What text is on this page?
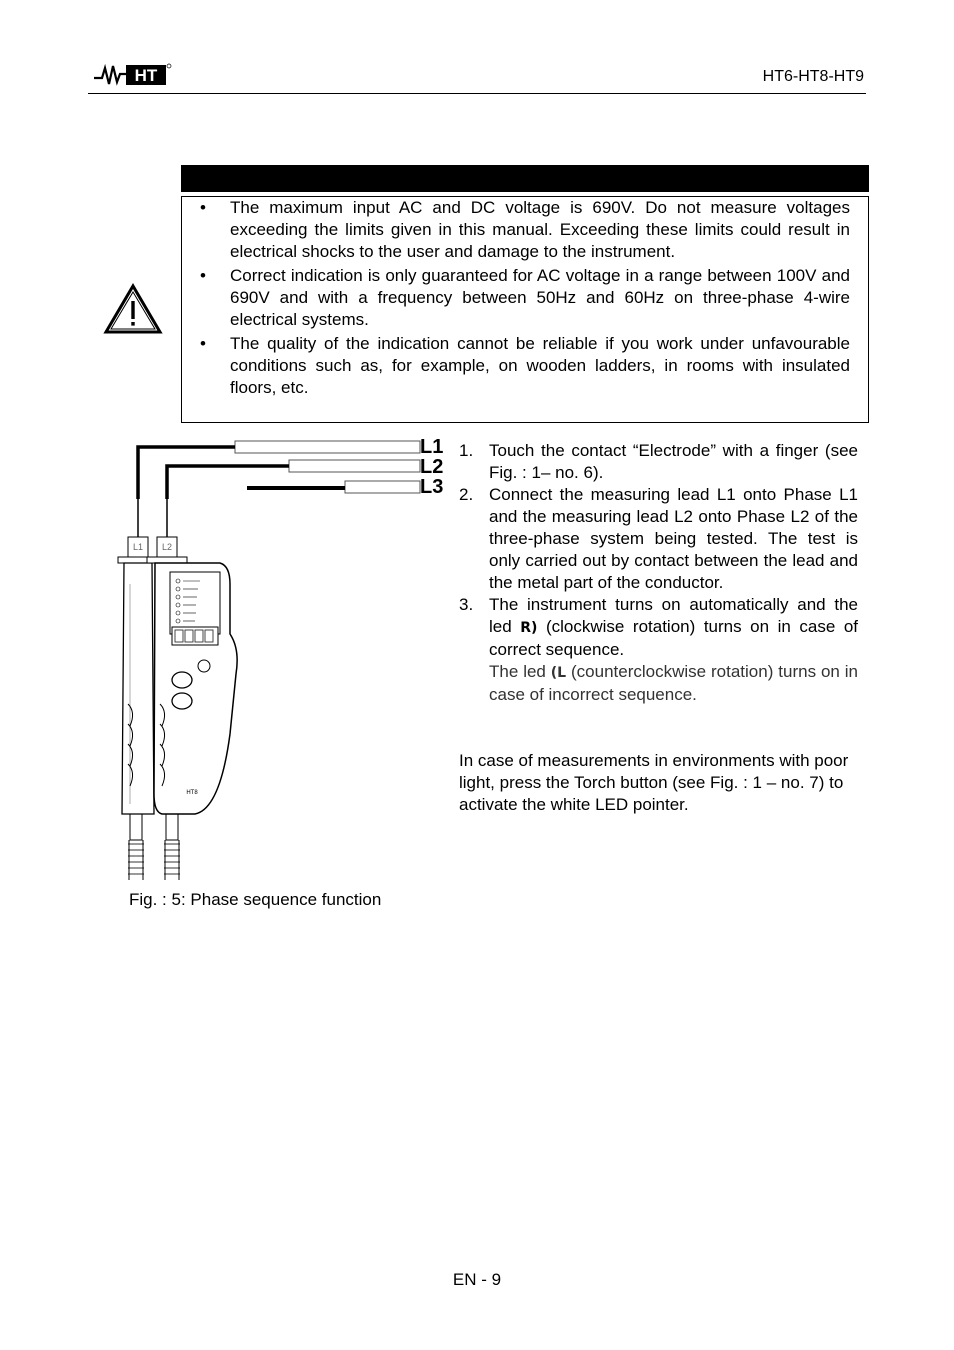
HT	HT6-HT8-HT9
• The maximum input AC and DC voltage is 690V. Do not measure voltages exceeding the limits given in this manual. Exceeding these limits could result in electrical shocks to the user and damage to the instrument.
• Correct indication is only guaranteed for AC voltage in a range between 100V and 690V and with a frequency between 50Hz and 60Hz on three-phase 4-wire electrical systems.
• The quality of the indication cannot be reliable if you work under unfavourable conditions such as, for example, on wooden ladders, in rooms with insulated floors, etc.
L1
L2
L3
L1 L2
HT8
Fig. : 5: Phase sequence function
1. Touch the contact “Electrode” with a finger (see Fig. : 1– no. 6).
2. Connect the measuring lead L1 onto Phase L1 and the measuring lead L2 onto Phase L2 of the three-phase system being tested. The test is only carried out by contact between the lead and the metal part of the conductor.
3. The instrument turns on automatically and the led R) (clockwise rotation) turns on in case of correct sequence.
The led (L (counterclockwise rotation) turns on in case of incorrect sequence.

In case of measurements in environments with poor light, press the Torch button (see Fig. : 1 – no. 7) to activate the white LED pointer.

EN - 9
